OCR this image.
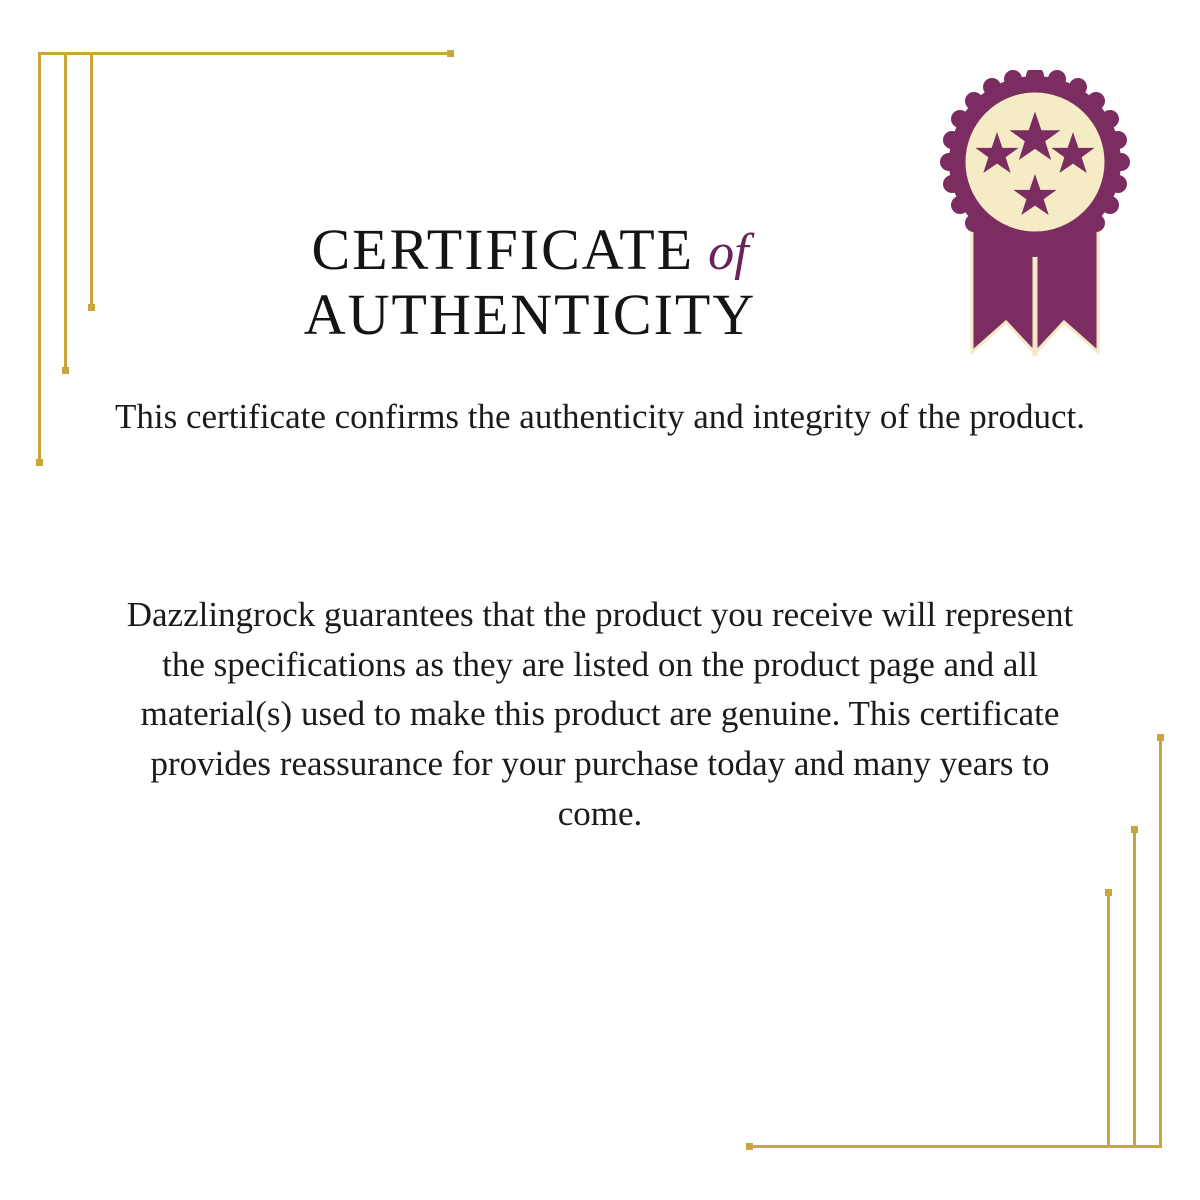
CERTIFICATE of
AUTHENTICITY
This certificate confirms the authenticity and integrity of the product.
Dazzlingrock guarantees that the product you receive will represent the specifications as they are listed on the product page and all material(s) used to make this product are genuine. This certificate provides reassurance for your purchase today and many years to come.
